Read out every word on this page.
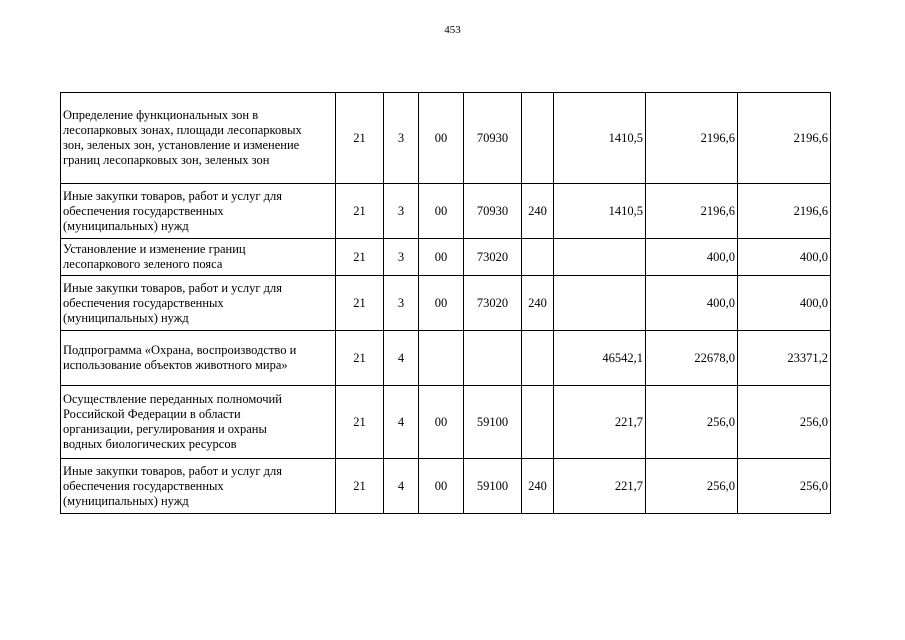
453
Определение функциональных зон в
лесопарковых зонах, площади лесопарковых
зон, зеленых зон, установление и изменение
границ лесопарковых зон, зеленых зон	21	3	00	70930		1410,5	2196,6	2196,6

Иные закупки товаров, работ и услуг для
обеспечения государственных
(муниципальных) нужд	21	3	00	70930	240	1410,5	2196,6	2196,6

Установление и изменение границ
лесопаркового зеленого пояса	21	3	00	73020			400,0	400,0

Иные закупки товаров, работ и услуг для
обеспечения государственных
(муниципальных) нужд	21	3	00	73020	240		400,0	400,0

Подпрограмма «Охрана, воспроизводство и
использование объектов животного мира»	21	4				46542,1	22678,0	23371,2

Осуществление переданных полномочий
Российской Федерации в области
организации, регулирования и охраны
водных биологических ресурсов	21	4	00	59100		221,7	256,0	256,0

Иные закупки товаров, работ и услуг для
обеспечения государственных
(муниципальных) нужд	21	4	00	59100	240	221,7	256,0	256,0
